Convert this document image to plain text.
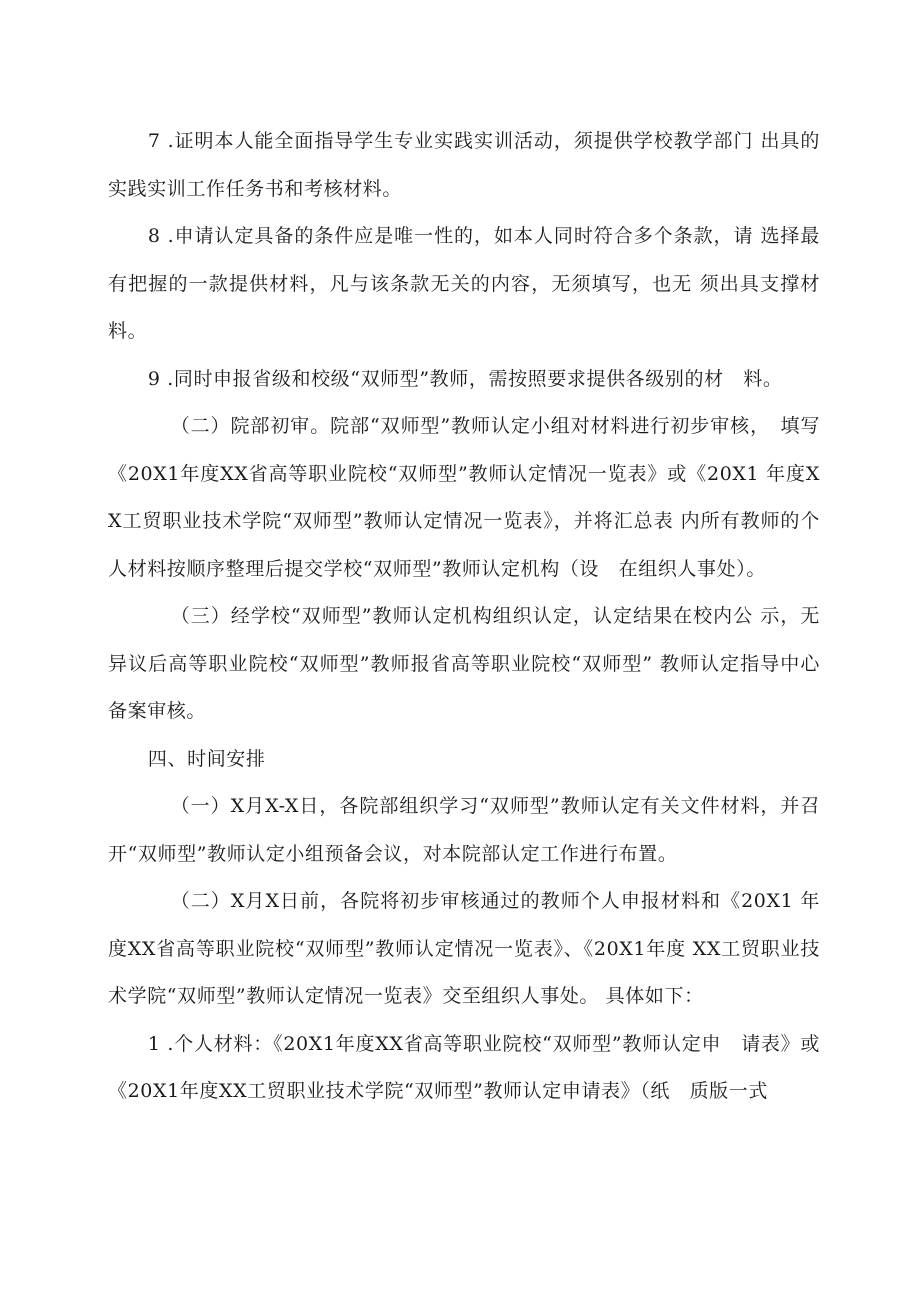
7 .证明本人能全面指导学生专业实践实训活动，须提供学校教学部门 出具的实践实训工作任务书和考核材料。

8 .申请认定具备的条件应是唯一性的，如本人同时符合多个条款，请 选择最有把握的一款提供材料，凡与该条款无关的内容，无须填写，也无 须出具支撑材料。

9 .同时申报省级和校级“双师型”教师，需按照要求提供各级别的材　料。

（二）院部初审。院部“双师型”教师认定小组对材料进行初步审核，　填写《20X1年度XX省高等职业院校“双师型”教师认定情况一览表》或《20X1 年度XX工贸职业技术学院“双师型”教师认定情况一览表》，并将汇总表 内所有教师的个人材料按顺序整理后提交学校“双师型”教师认定机构（设　在组织人事处）。

（三）经学校“双师型”教师认定机构组织认定，认定结果在校内公 示，无异议后高等职业院校“双师型”教师报省高等职业院校“双师型” 教师认定指导中心备案审核。

四、时间安排

（一）X月X-X日，各院部组织学习“双师型”教师认定有关文件材料，并召开“双师型”教师认定小组预备会议，对本院部认定工作进行布置。

（二）X月X日前，各院将初步审核通过的教师个人申报材料和《20X1 年度XX省高等职业院校“双师型”教师认定情况一览表》、《20X1年度 XX工贸职业技术学院“双师型”教师认定情况一览表》交至组织人事处。 具体如下：

1 .个人材料：《20X1年度XX省高等职业院校“双师型”教师认定申　请表》或《20X1年度XX工贸职业技术学院“双师型”教师认定申请表》（纸　质版一式
